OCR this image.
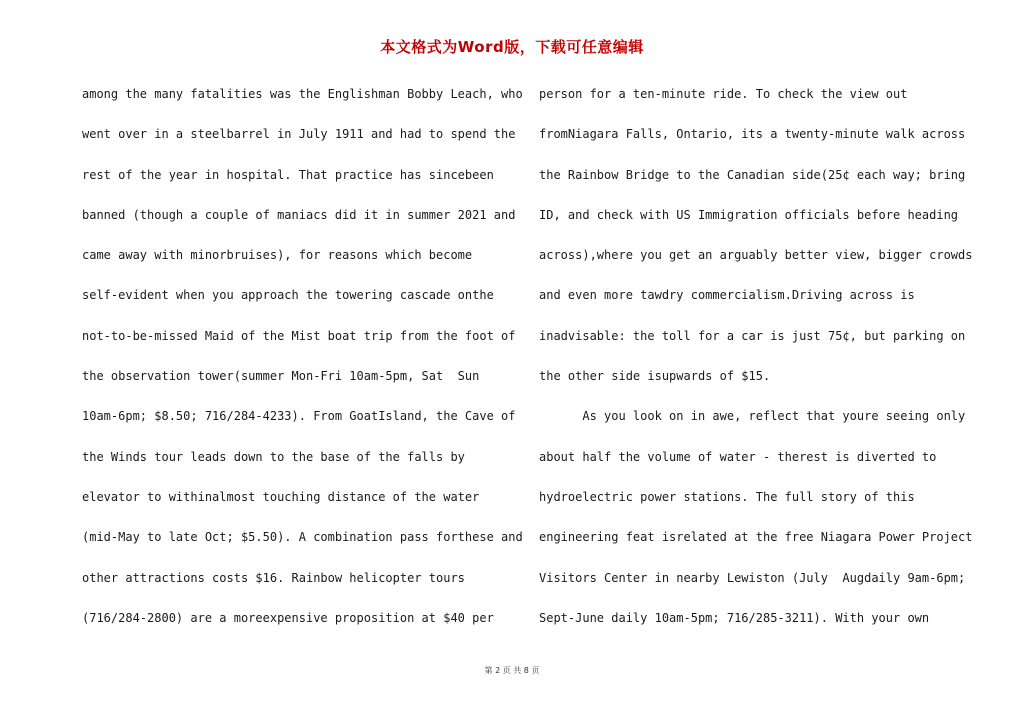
本文格式为Word版，下载可任意编辑
among the many fatalities was the Englishman Bobby Leach, who
went over in a steelbarrel in July 1911 and had to spend the
rest of the year in hospital. That practice has sincebeen
banned (though a couple of maniacs did it in summer 2021 and
came away with minorbruises), for reasons which become
self-evident when you approach the towering cascade onthe
not-to-be-missed Maid of the Mist boat trip from the foot of
the observation tower(summer Mon-Fri 10am-5pm, Sat  Sun
10am-6pm; $8.50; 716/284-4233). From GoatIsland, the Cave of
the Winds tour leads down to the base of the falls by
elevator to withinalmost touching distance of the water
(mid-May to late Oct; $5.50). A combination pass forthese and
other attractions costs $16. Rainbow helicopter tours
(716/284-2800) are a moreexpensive proposition at $40 per
person for a ten-minute ride. To check the view out
fromNiagara Falls, Ontario, its a twenty-minute walk across
the Rainbow Bridge to the Canadian side(25¢ each way; bring
ID, and check with US Immigration officials before heading
across),where you get an arguably better view, bigger crowds
and even more tawdry commercialism.Driving across is
inadvisable: the toll for a car is just 75¢, but parking on
the other side isupwards of $15.
As you look on in awe, reflect that youre seeing only
about half the volume of water - therest is diverted to
hydroelectric power stations. The full story of this
engineering feat isrelated at the free Niagara Power Project
Visitors Center in nearby Lewiston (July  Augdaily 9am-6pm;
Sept-June daily 10am-5pm; 716/285-3211). With your own
第 2 页 共 8 页
